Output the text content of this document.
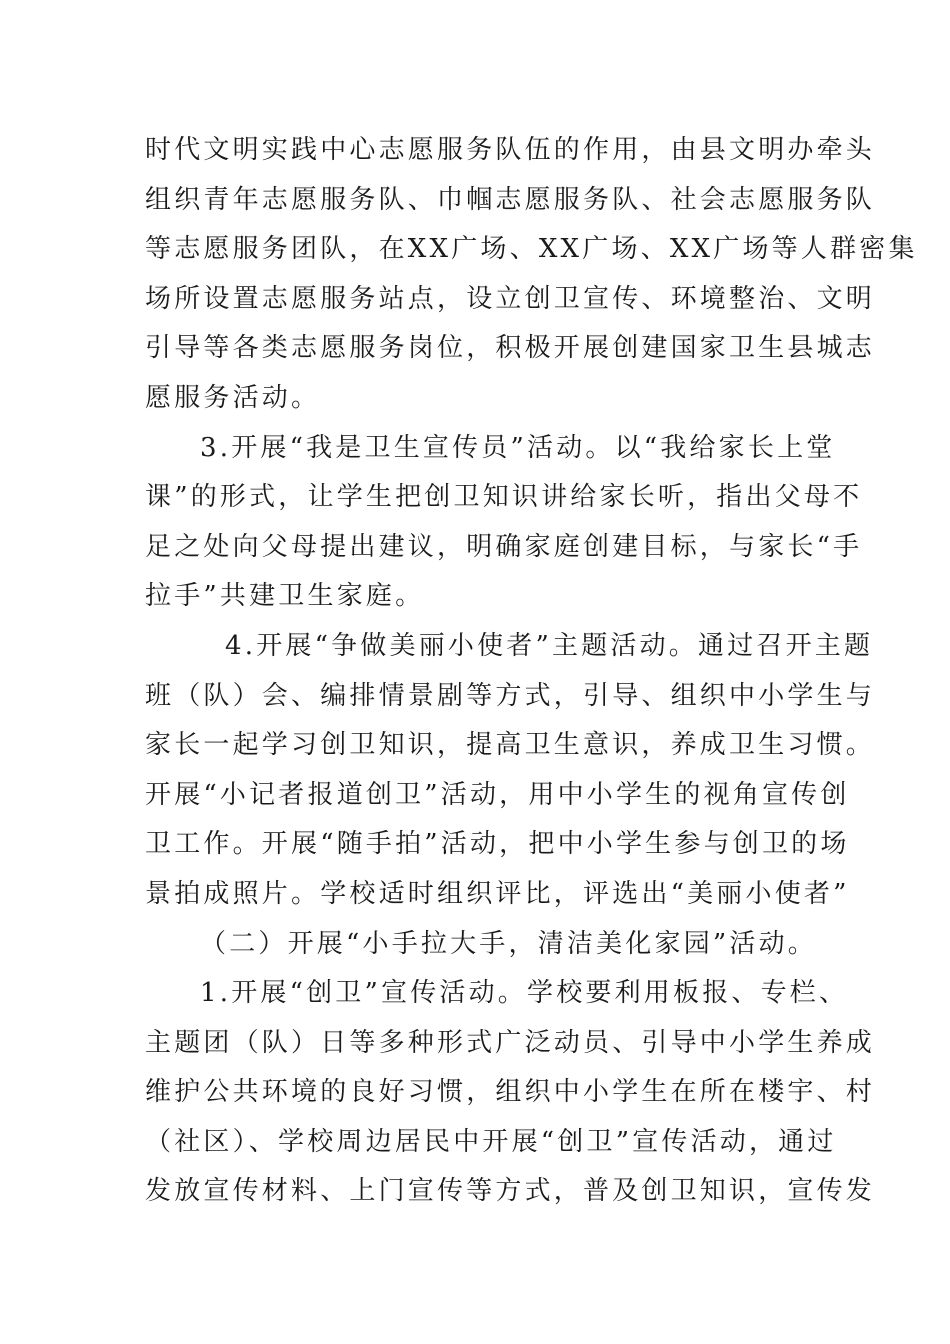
时代文明实践中心志愿服务队伍的作用，由县文明办牵头
组织青年志愿服务队、巾帼志愿服务队、社会志愿服务队
等志愿服务团队，在XX广场、XX广场、XX广场等人群密集
场所设置志愿服务站点，设立创卫宣传、环境整治、文明
引导等各类志愿服务岗位，积极开展创建国家卫生县城志
愿服务活动。
3.开展“我是卫生宣传员”活动。以“我给家长上堂
课”的形式，让学生把创卫知识讲给家长听，指出父母不
足之处向父母提出建议，明确家庭创建目标，与家长“手
拉手”共建卫生家庭。
4.开展“争做美丽小使者”主题活动。通过召开主题
班（队）会、编排情景剧等方式，引导、组织中小学生与
家长一起学习创卫知识，提高卫生意识，养成卫生习惯。
开展“小记者报道创卫”活动，用中小学生的视角宣传创
卫工作。开展“随手拍”活动，把中小学生参与创卫的场
景拍成照片。学校适时组织评比，评选出“美丽小使者”
（二）开展“小手拉大手，清洁美化家园”活动。
1.开展“创卫”宣传活动。学校要利用板报、专栏、
主题团（队）日等多种形式广泛动员、引导中小学生养成
维护公共环境的良好习惯，组织中小学生在所在楼宇、村
（社区）、学校周边居民中开展“创卫”宣传活动，通过
发放宣传材料、上门宣传等方式，普及创卫知识，宣传发
